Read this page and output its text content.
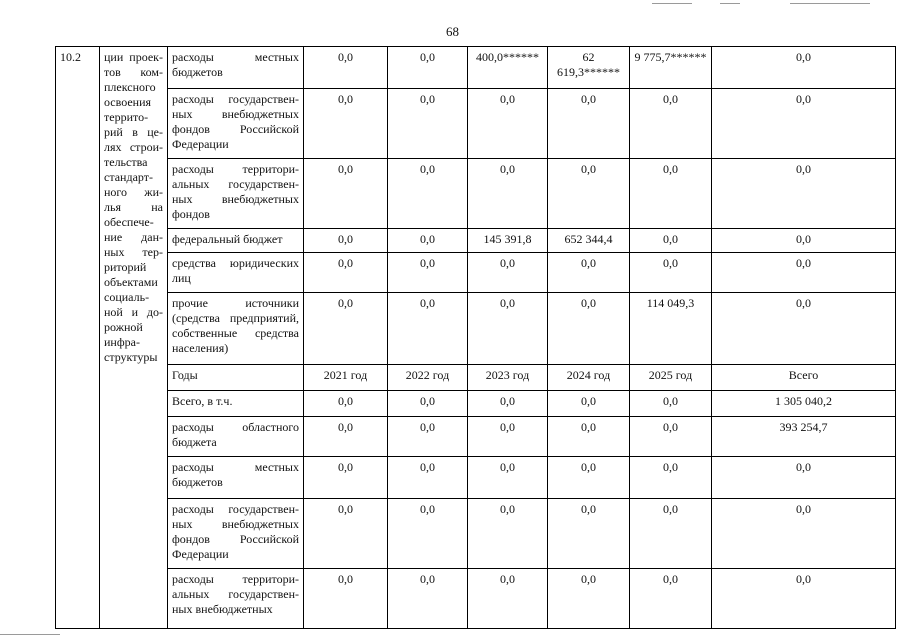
68
10.2	ции проек-тов ком-плексного освоения террито-рий в це-лях строи-тельства стандарт-ного жи-лья на обеспече-ние дан-ных тер-риторий объектами социаль-ной и до-рожной инфра-структуры	расходы местных бюджетов	0,0	0,0	400,0******	62 619,3******	9 775,7******	0,0
		расходы государствен-ных внебюджетных фондов Российской Федерации	0,0	0,0	0,0	0,0	0,0	0,0
		расходы территори-альных государствен-ных внебюджетных фондов	0,0	0,0	0,0	0,0	0,0	0,0
		федеральный бюджет	0,0	0,0	145 391,8	652 344,4	0,0	0,0
		средства юридических лиц	0,0	0,0	0,0	0,0	0,0	0,0
		прочие источники (средства предприятий, собственные средства населения)	0,0	0,0	0,0	0,0	114 049,3	0,0
		Годы	2021 год	2022 год	2023 год	2024 год	2025 год	Всего
		Всего, в т.ч.	0,0	0,0	0,0	0,0	0,0	1 305 040,2
		расходы областного бюджета	0,0	0,0	0,0	0,0	0,0	393 254,7
		расходы местных бюджетов	0,0	0,0	0,0	0,0	0,0	0,0
		расходы государствен-ных внебюджетных фондов Российской Федерации	0,0	0,0	0,0	0,0	0,0	0,0
		расходы территори-альных государствен-ных внебюджетных	0,0	0,0	0,0	0,0	0,0	0,0
